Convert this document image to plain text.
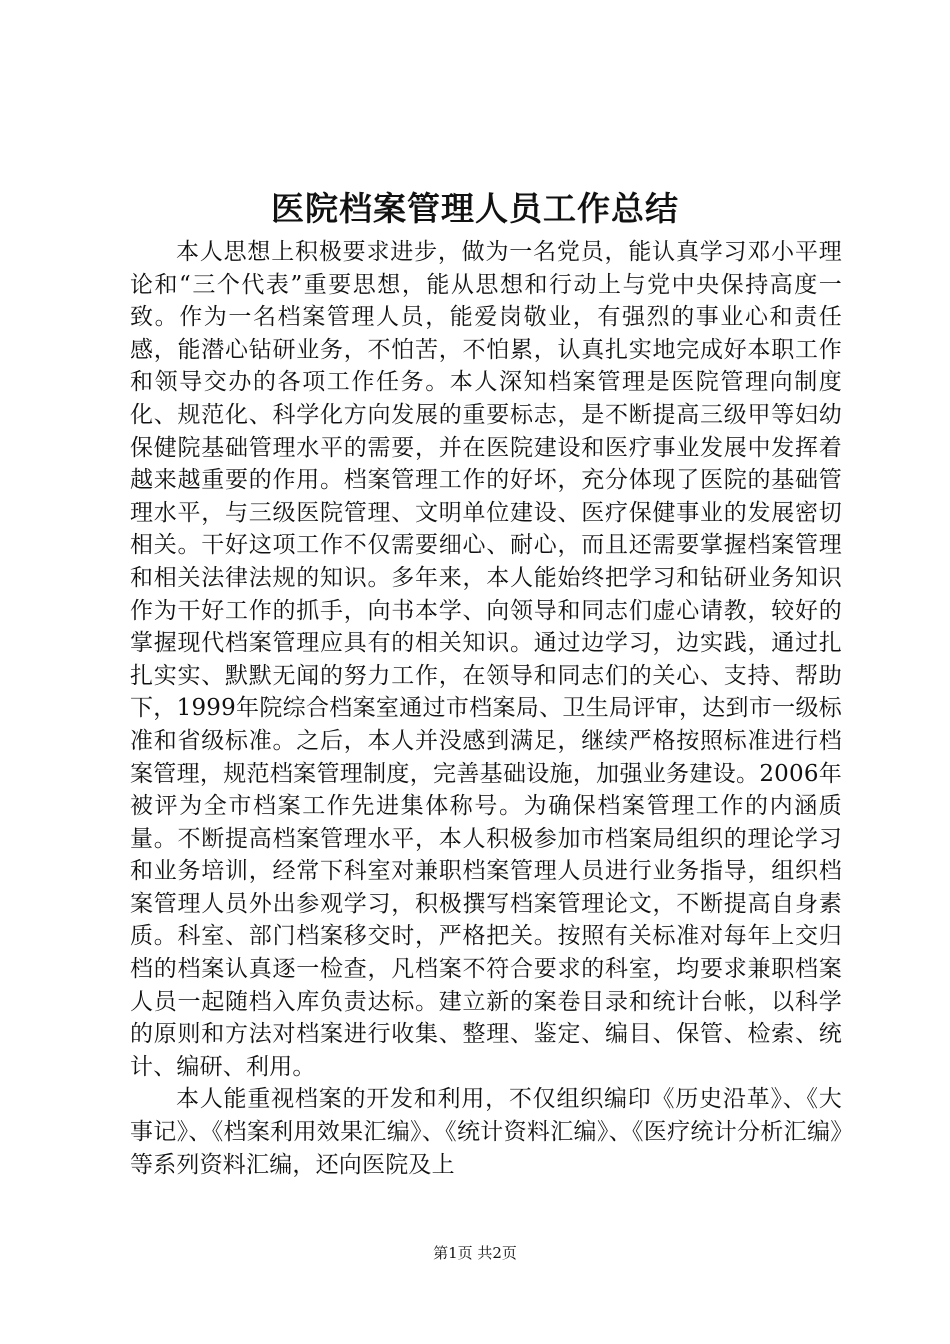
医院档案管理人员工作总结

本人思想上积极要求进步，做为一名党员，能认真学习邓小平理论和“三个代表”重要思想，能从思想和行动上与党中央保持高度一致。作为一名档案管理人员，能爱岗敬业，有强烈的事业心和责任感，能潜心钻研业务，不怕苦，不怕累，认真扎实地完成好本职工作和领导交办的各项工作任务。本人深知档案管理是医院管理向制度化、规范化、科学化方向发展的重要标志，是不断提高三级甲等妇幼保健院基础管理水平的需要，并在医院建设和医疗事业发展中发挥着越来越重要的作用。档案管理工作的好坏，充分体现了医院的基础管理水平，与三级医院管理、文明单位建设、医疗保健事业的发展密切相关。干好这项工作不仅需要细心、耐心，而且还需要掌握档案管理和相关法律法规的知识。多年来，本人能始终把学习和钻研业务知识作为干好工作的抓手，向书本学、向领导和同志们虚心请教，较好的掌握现代档案管理应具有的相关知识。通过边学习，边实践，通过扎扎实实、默默无闻的努力工作，在领导和同志们的关心、支持、帮助下，1999年院综合档案室通过市档案局、卫生局评审，达到市一级标准和省级标准。之后，本人并没感到满足，继续严格按照标准进行档案管理，规范档案管理制度，完善基础设施，加强业务建设。2006年被评为全市档案工作先进集体称号。为确保档案管理工作的内涵质量。不断提高档案管理水平，本人积极参加市档案局组织的理论学习和业务培训，经常下科室对兼职档案管理人员进行业务指导，组织档案管理人员外出参观学习，积极撰写档案管理论文，不断提高自身素质。科室、部门档案移交时，严格把关。按照有关标准对每年上交归档的档案认真逐一检查，凡档案不符合要求的科室，均要求兼职档案人员一起随档入库负责达标。建立新的案卷目录和统计台帐，以科学的原则和方法对档案进行收集、整理、鉴定、编目、保管、检索、统计、编研、利用。

本人能重视档案的开发和利用，不仅组织编印《历史沿革》、《大事记》、《档案利用效果汇编》、《统计资料汇编》、《医疗统计分析汇编》等系列资料汇编，还向医院及上

第1页 共2页
